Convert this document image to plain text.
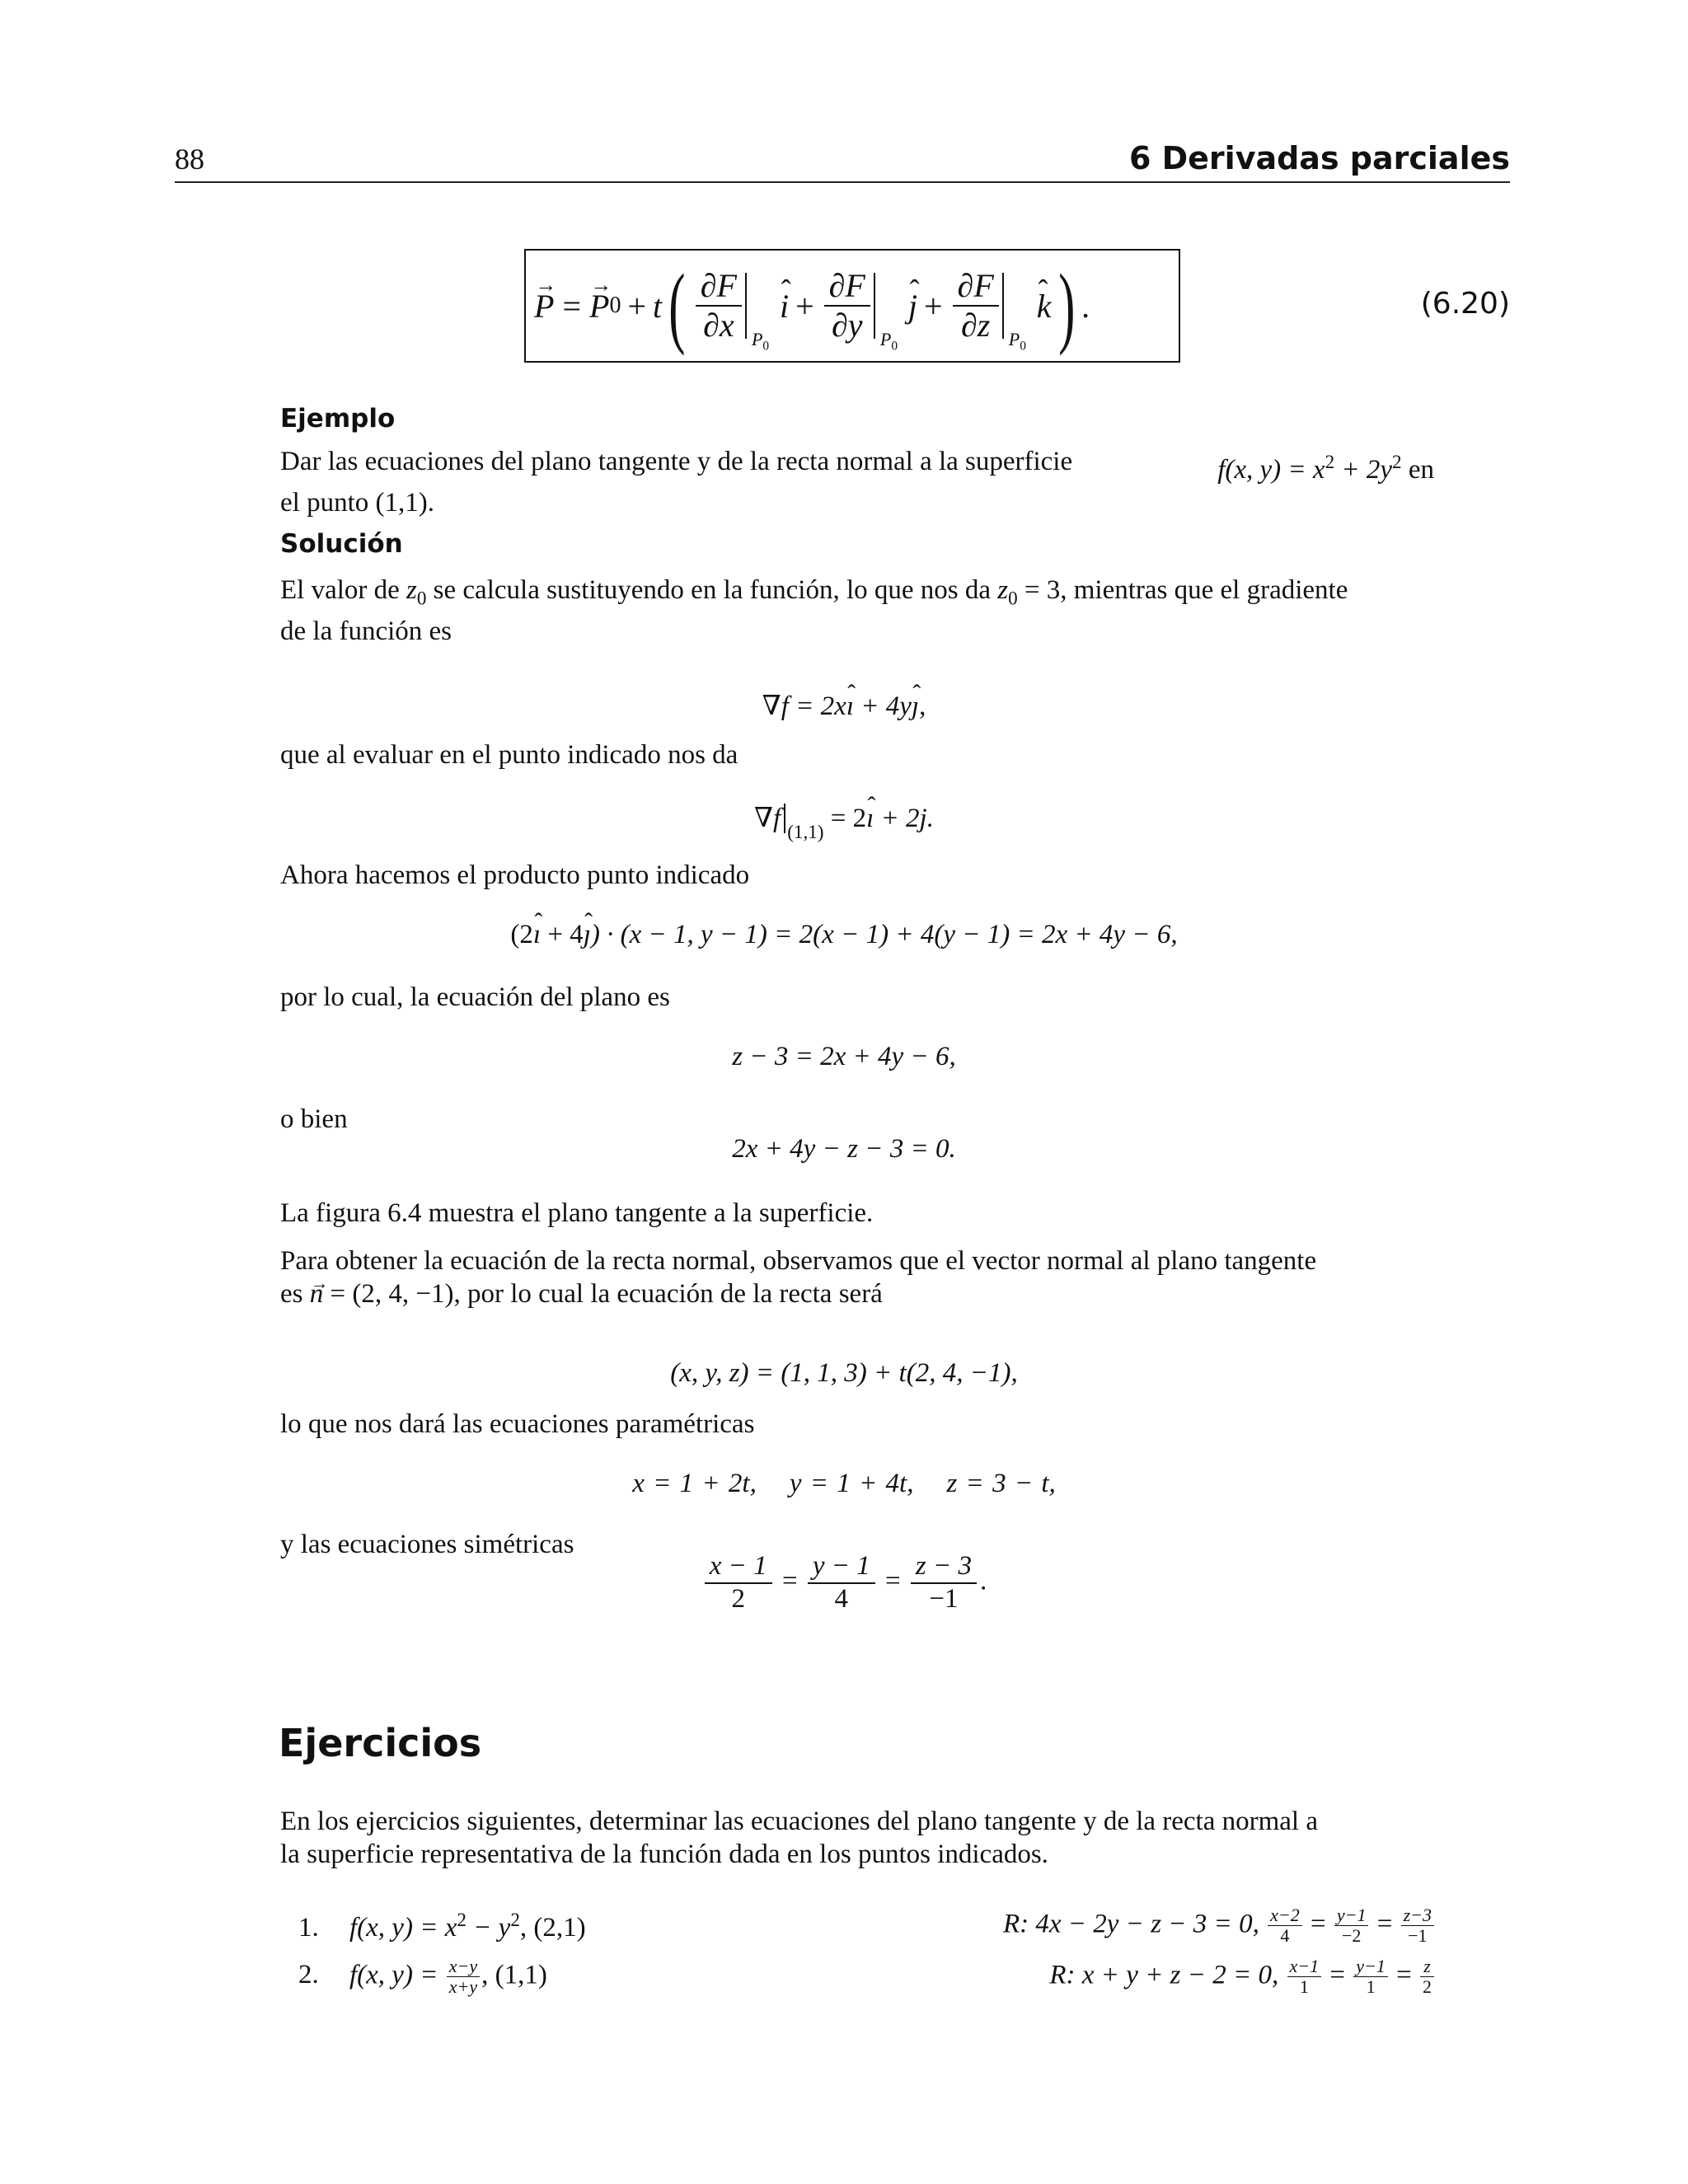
88	6 Derivadas parciales
P → = P → 0 + t ( $\frac{\partial F}{\partial x} P_0$
i ˆ + $\frac{\partial F}{\partial y} P_0$
j ˆ + $\frac{\partial F}{\partial z} P_0$
k ˆ ) .	(6.20)
Ejemplo
Dar las ecuaciones del plano tangente y de la recta normal a la superficie	f(x, $y) = x^2 + 2y^2$ en
el punto (1,1).
Solución
El valor de $z_0$ se calcula sustituyendo en la función, lo que nos da $z_0 = 3$, mientras que el gradiente
de la función es
∇f = 2xı ˆ + 4yȷ ˆ,
que al evaluar en el punto indicado nos da
∇f $_{(1,1)}$ = 2ı ˆ + 2j.
Ahora hacemos el producto punto indicado
(2ı ˆ + 4ȷ ˆ) · (x − 1, y − 1) = 2(x − 1) + 4(y − 1) = 2x + 4y − 6,
por lo cual, la ecuación del plano es
z − 3 = 2x + 4y − 6,
o bien
2x + 4y − z − 3 = 0.
La figura 6.4 muestra el plano tangente a la superficie.
Para obtener la ecuación de la recta normal, observamos que el vector normal al plano tangente
es n → = (2, 4, −1), por lo cual la ecuación de la recta será
(x, y, z) = (1, 1, 3) + t(2, 4, −1),
lo que nos dará las ecuaciones paramétricas
x = 1 + 2t, y = 1 + 4t, z = 3 − t,
y las ecuaciones simétricas
$\frac{x - 1}{2} = \frac{y - 1}{4} = \frac{z - 3}{-1}$ .
Ejercicios
En los ejercicios siguientes, determinar las ecuaciones del plano tangente y de la recta normal a
la superficie representativa de la función dada en los puntos indicados.
1. f(x, $y) = x^2 - y^2$, (2,1)	R: 4x − 2y − z − 3 = 0, $\frac{x-2}{4} = \frac{y-1}{-2} = \frac{z-3}{-1}$
2. f(x, $y) = \frac{x-y}{x+y}$ , (1,1)	R: x + y + z − 2 = 0, $\frac{x-1}{1} = \frac{y-1}{1} = \frac{z}{2}$
